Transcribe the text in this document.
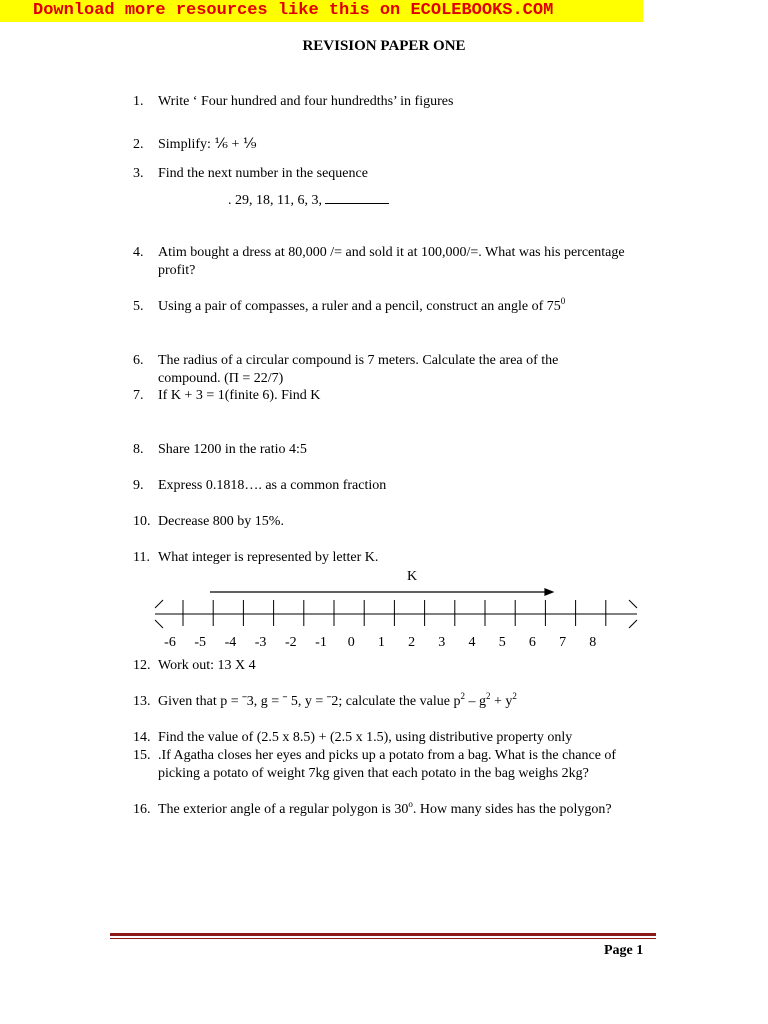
Download more resources like this on ECOLEBOOKS.COM
REVISION PAPER ONE
1. Write ‘ Four hundred and four hundredths’ in figures
2. Simplify: ⅙ + ⅑
3. Find the next number in the sequence
. 29, 18, 11, 6, 3,
4. Atim bought a dress at 80,000 /= and sold it at 100,000/=. What was his percentage profit?
5. Using a pair of compasses, a ruler and a pencil, construct an angle of $75^0$
6. The radius of a circular compound is 7 meters. Calculate the area of the compound. (Π = 22/7)
7. If K + 3 = 1(finite 6). Find K
8. Share 1200 in the ratio 4:5
9. Express 0.1818…. as a common fraction
10. Decrease 800 by 15%.
11. What integer is represented by letter K.
-6 -5 -4 -3 -2 -1 0 1 2 3 4 5 6 7 8
K
12. Work out: 13 X 4
13. Given that p = ˉ3, g = ˉ 5, y = ˉ2; calculate the value $p^2 - g^2 + y^2$
14. Find the value of (2.5 x 8.5) + (2.5 x 1.5), using distributive property only
15. .If Agatha closes her eyes and picks up a potato from a bag. What is the chance of picking a potato of weight 7kg given that each potato in the bag weighs 2kg?
16. The exterior angle of a regular polygon is 30$^o$. How many sides has the polygon?
Page 1
